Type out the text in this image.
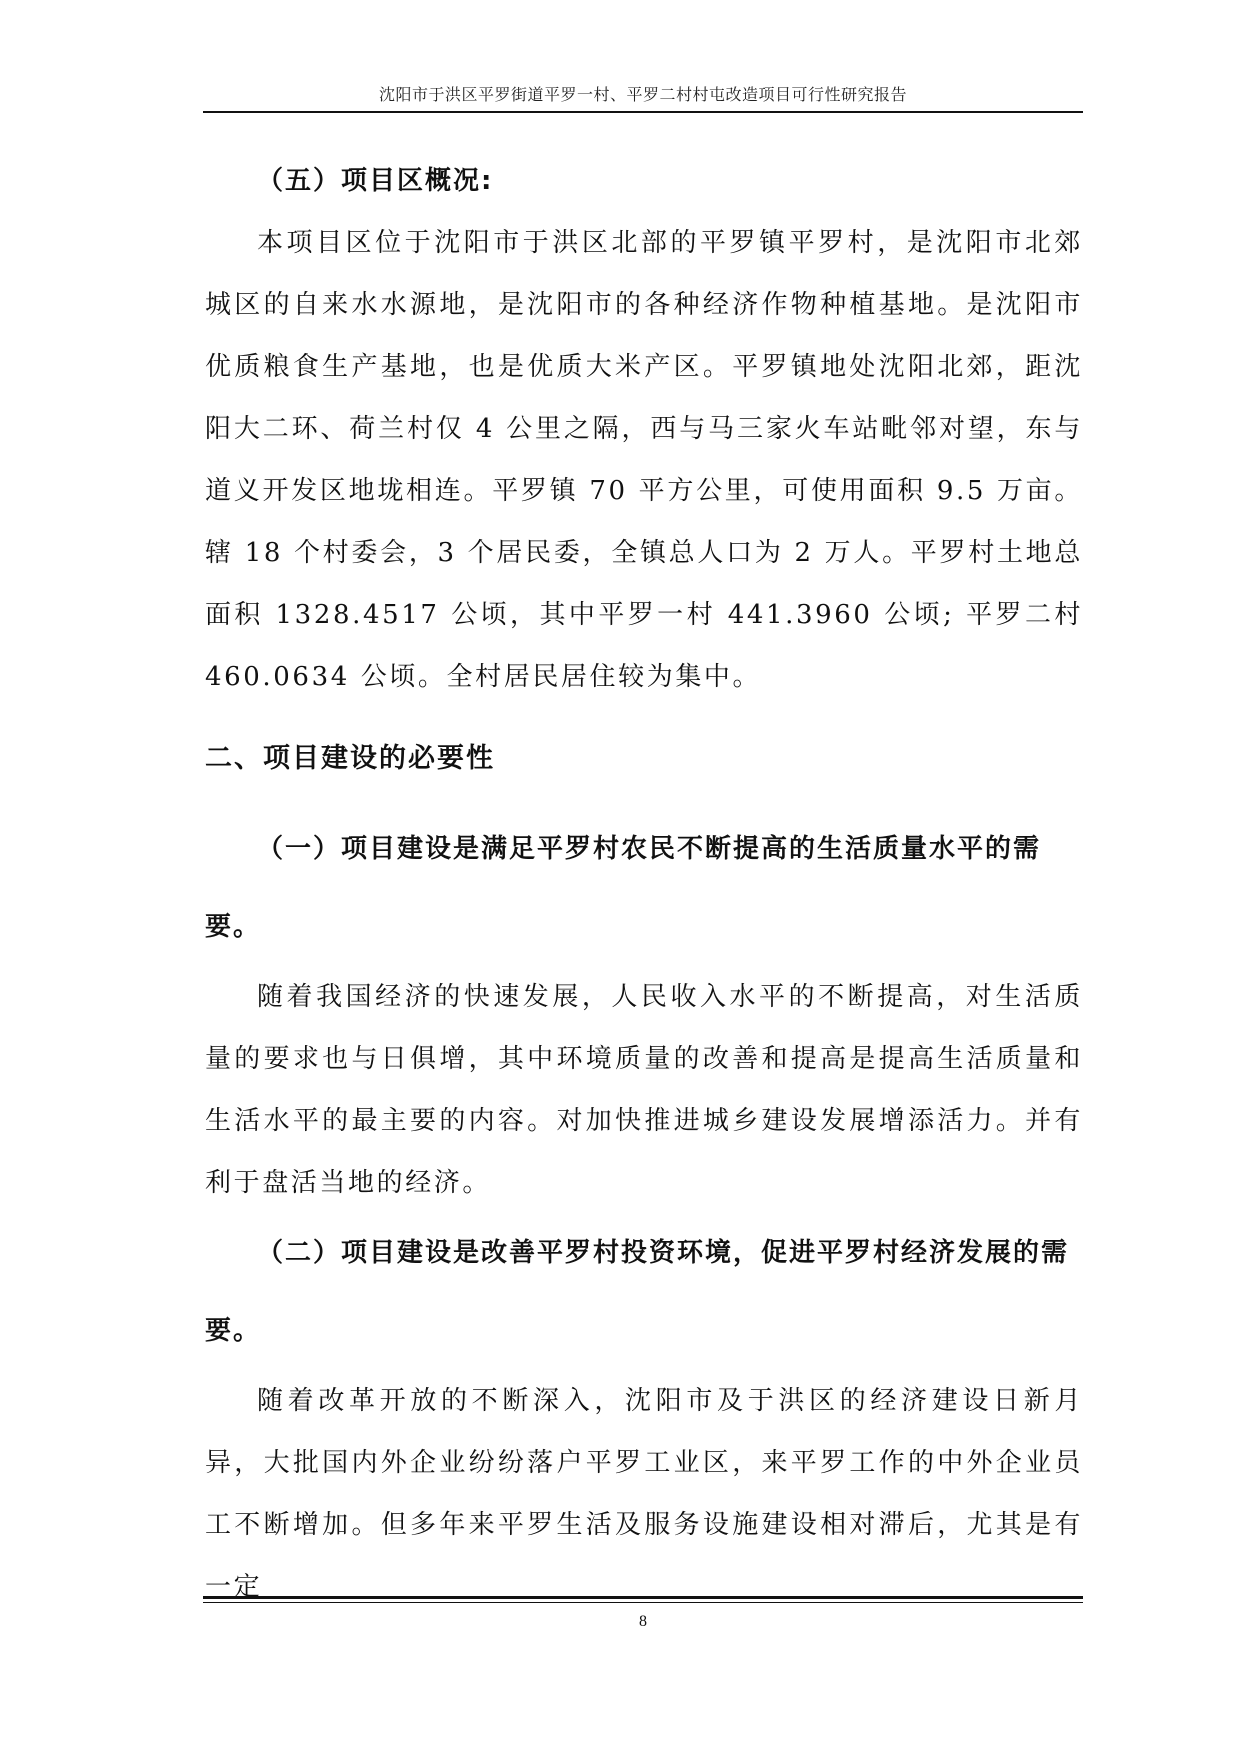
沈阳市于洪区平罗街道平罗一村、平罗二村村屯改造项目可行性研究报告

（五）项目区概况:

本项目区位于沈阳市于洪区北部的平罗镇平罗村，是沈阳市北郊城区的自来水水源地，是沈阳市的各种经济作物种植基地。是沈阳市优质粮食生产基地，也是优质大米产区。平罗镇地处沈阳北郊，距沈阳大二环、荷兰村仅 4 公里之隔，西与马三家火车站毗邻对望，东与道义开发区地垅相连。平罗镇 70 平方公里，可使用面积 9.5 万亩。辖 18 个村委会，3 个居民委，全镇总人口为 2 万人。平罗村土地总面积 1328.4517 公顷，其中平罗一村 441.3960 公顷; 平罗二村 460.0634 公顷。全村居民居住较为集中。

二、项目建设的必要性

（一）项目建设是满足平罗村农民不断提高的生活质量水平的需要。

随着我国经济的快速发展，人民收入水平的不断提高，对生活质量的要求也与日俱增，其中环境质量的改善和提高是提高生活质量和生活水平的最主要的内容。对加快推进城乡建设发展增添活力。并有利于盘活当地的经济。

（二）项目建设是改善平罗村投资环境，促进平罗村经济发展的需要。

随着改革开放的不断深入，沈阳市及于洪区的经济建设日新月异，大批国内外企业纷纷落户平罗工业区，来平罗工作的中外企业员工不断增加。但多年来平罗生活及服务设施建设相对滞后，尤其是有一定

8
